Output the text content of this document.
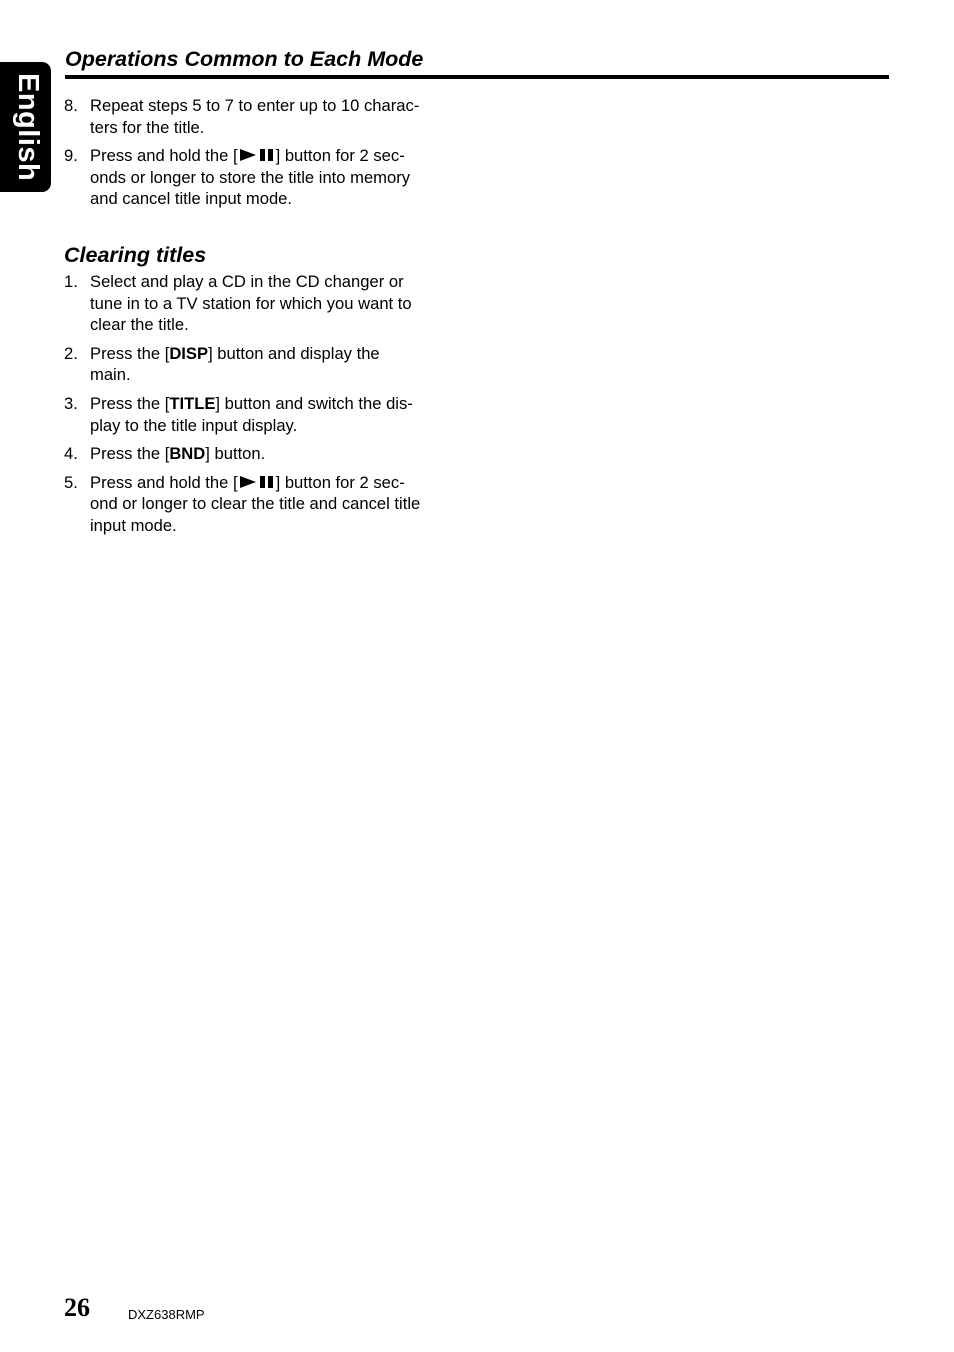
English
Operations Common to Each Mode
8. Repeat steps 5 to 7 to enter up to 10 charac-
ters for the title.
9. Press and hold the [ ] button for 2 sec-
onds or longer to store the title into memory
and cancel title input mode.
Clearing titles
1. Select and play a CD in the CD changer or
tune in to a TV station for which you want to
clear the title.
2. Press the [DISP] button and display the
main.
3. Press the [TITLE] button and switch the dis-
play to the title input display.
4. Press the [BND] button.
5. Press and hold the [ ] button for 2 sec-
ond or longer to clear the title and cancel title
input mode.
26	DXZ638RMP
